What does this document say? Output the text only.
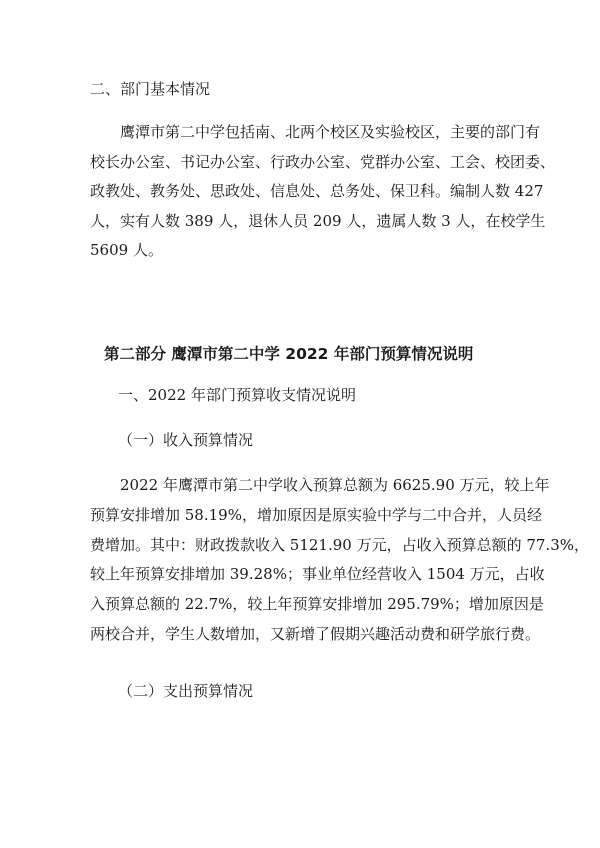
二、部门基本情况

鹰潭市第二中学包括南、北两个校区及实验校区，主要的部门有

校长办公室、书记办公室、行政办公室、党群办公室、工会、校团委、

政教处、教务处、思政处、信息处、总务处、保卫科。编制人数 427

人，实有人数 389 人，退休人员 209 人，遗属人数 3 人，在校学生

5609 人。

第二部分 鹰潭市第二中学 2022 年部门预算情况说明
一、2022 年部门预算收支情况说明
（一）收入预算情况

2022 年鹰潭市第二中学收入预算总额为 6625.90 万元，较上年

预算安排增加 58.19%，增加原因是原实验中学与二中合并，人员经

费增加。其中：财政拨款收入 5121.90 万元，占收入预算总额的 77.3%，

较上年预算安排增加 39.28%；事业单位经营收入 1504 万元，占收

入预算总额的 22.7%，较上年预算安排增加 295.79%；增加原因是

两校合并，学生人数增加，又新增了假期兴趣活动费和研学旅行费。

（二）支出预算情况
